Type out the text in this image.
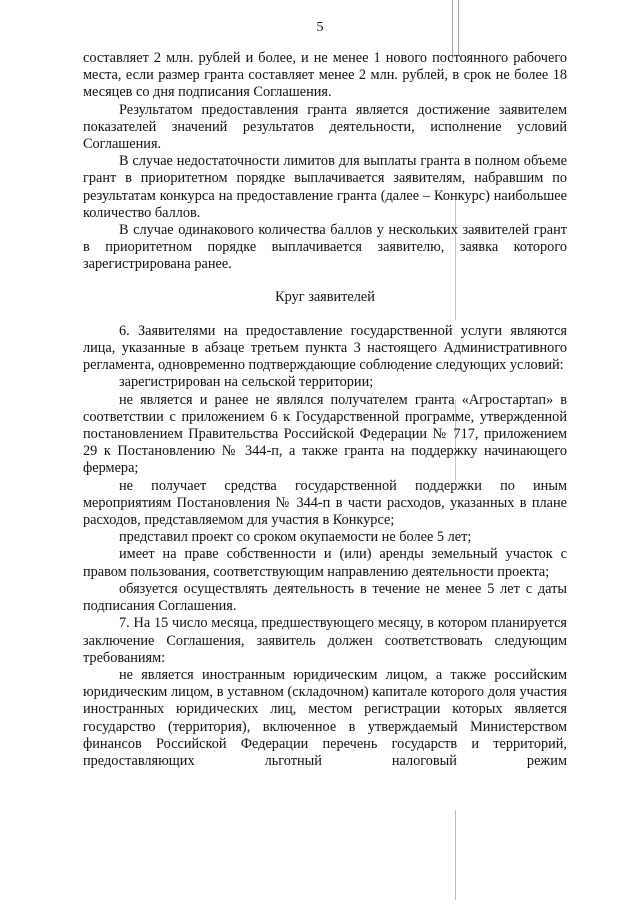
5

составляет 2 млн. рублей и более, и не менее 1 нового постоянного рабочего места, если размер гранта составляет менее 2 млн. рублей, в срок не более 18 месяцев со дня подписания Соглашения.

Результатом предоставления гранта является достижение заявителем показателей значений результатов деятельности, исполнение условий Соглашения.

В случае недостаточности лимитов для выплаты гранта в полном объеме грант в приоритетном порядке выплачивается заявителям, набравшим по результатам конкурса на предоставление гранта (далее – Конкурс) наибольшее количество баллов.

В случае одинакового количества баллов у нескольких заявителей грант в приоритетном порядке выплачивается заявителю, заявка которого зарегистрирована ранее.

Круг заявителей

6. Заявителями на предоставление государственной услуги являются лица, указанные в абзаце третьем пункта 3 настоящего Административного регламента, одновременно подтверждающие соблюдение следующих условий:

зарегистрирован на сельской территории;

не является и ранее не являлся получателем гранта «Агростартап» в соответствии с приложением 6 к Государственной программе, утвержденной постановлением Правительства Российской Федерации № 717, приложением 29 к Постановлению № 344-п, а также гранта на поддержку начинающего фермера;

не получает средства государственной поддержки по иным мероприятиям Постановления № 344-п в части расходов, указанных в плане расходов, представляемом для участия в Конкурсе;

представил проект со сроком окупаемости не более 5 лет;

имеет на праве собственности и (или) аренды земельный участок с правом пользования, соответствующим направлению деятельности проекта;

обязуется осуществлять деятельность в течение не менее 5 лет с даты подписания Соглашения.

7. На 15 число месяца, предшествующего месяцу, в котором планируется заключение Соглашения, заявитель должен соответствовать следующим требованиям:

не является иностранным юридическим лицом, а также российским юридическим лицом, в уставном (складочном) капитале которого доля участия иностранных юридических лиц, местом регистрации которых является государство (территория), включенное в утверждаемый Министерством финансов Российской Федерации перечень государств и территорий, предоставляющих льготный налоговый режим
